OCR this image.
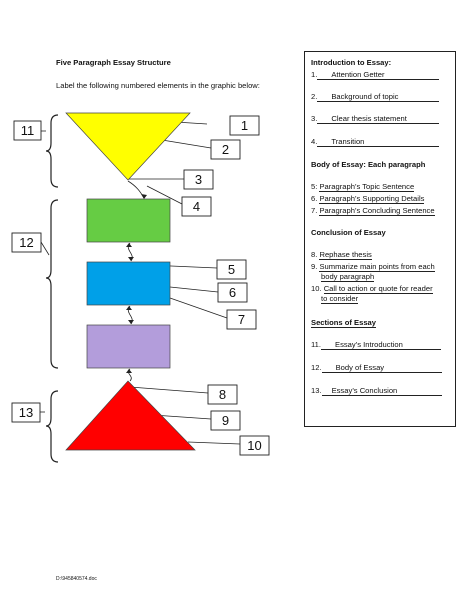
Five Paragraph Essay Structure
Label the following numbered elements in the graphic below:
1
2
3
4
5
6
7
8
9
10
11
12
13
Introduction to Essay:
1. Attention Getter
2. Background of topic
3. Clear thesis statement
4. Transition
Body of Essay: Each paragraph
5: Paragraph’s Topic Sentence
6. Paragraph’s Supporting Details
7. Paragraph’s Concluding Sentence
Conclusion of Essay
8. Rephase thesis
9. Summarize main points from each
body paragraph
10. Call to action or quote for reader
to consider
Sections of Essay
11. Essay’s Introduction
12. Body of Essay
13. Essay’s Conclusion
D:\945840574.doc
